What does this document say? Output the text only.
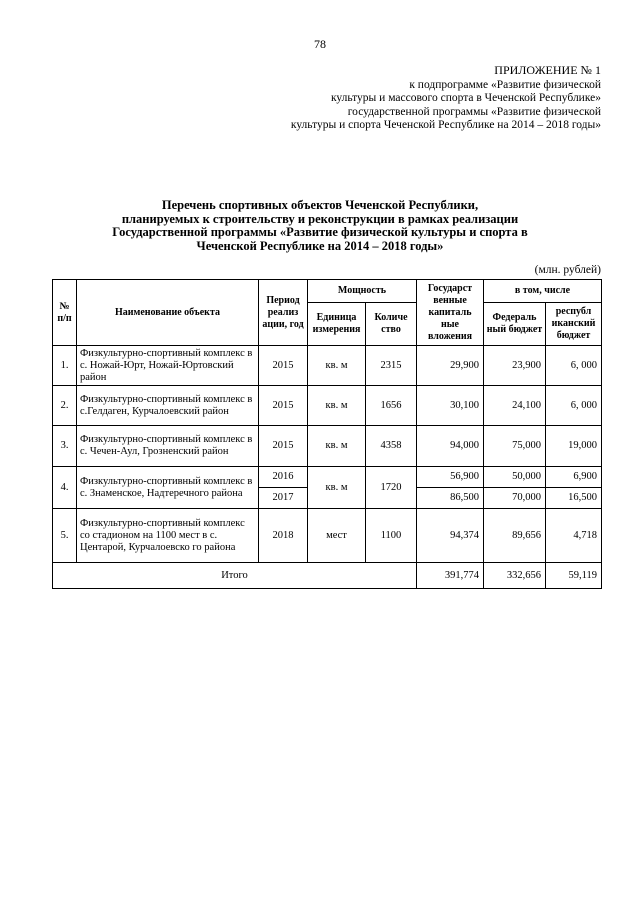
78
ПРИЛОЖЕНИЕ № 1
к подпрограмме «Развитие физической
культуры и массового спорта в Чеченской Республике»
государственной программы «Развитие физической
культуры и спорта Чеченской Республике на 2014 – 2018 годы»
Перечень спортивных объектов Чеченской Республики,
планируемых к строительству и реконструкции в рамках реализации
Государственной программы «Развитие физической культуры и спорта в
Чеченской Республике на 2014 – 2018 годы»
(млн. рублей)
№ п/п	Наименование объекта	Период реализ ации, год	Мощность		Государст венные капиталь ные вложения	в том, числе	
			Единица измерения	Количе ство		Федераль ный бюджет	республ иканский бюджет

1.	Физкультурно-спортивный комплекс в с. Ножай-Юрт, Ножай-Юртовский район	2015	кв. м	2315	29,900	23,900	6, 000
2.	Физкультурно-спортивный комплекс в с.Гелдаген, Курчалоевский район	2015	кв. м	1656	30,100	24,100	6, 000
3.	Физкультурно-спортивный комплекс в с. Чечен-Аул, Грозненский район	2015	кв. м	4358	94,000	75,000	19,000
4.	Физкультурно-спортивный комплекс в с. Знаменское, Надтеречного района	2016	кв. м	1720	56,900	50,000	6,900
		2017			86,500	70,000	16,500
5.	Физкультурно-спортивный комплекс со стадионом на 1100 мест в с. Центарой, Курчалоевско го района	2018	мест	1100	94,374	89,656	4,718
Итого					391,774	332,656	59,119
